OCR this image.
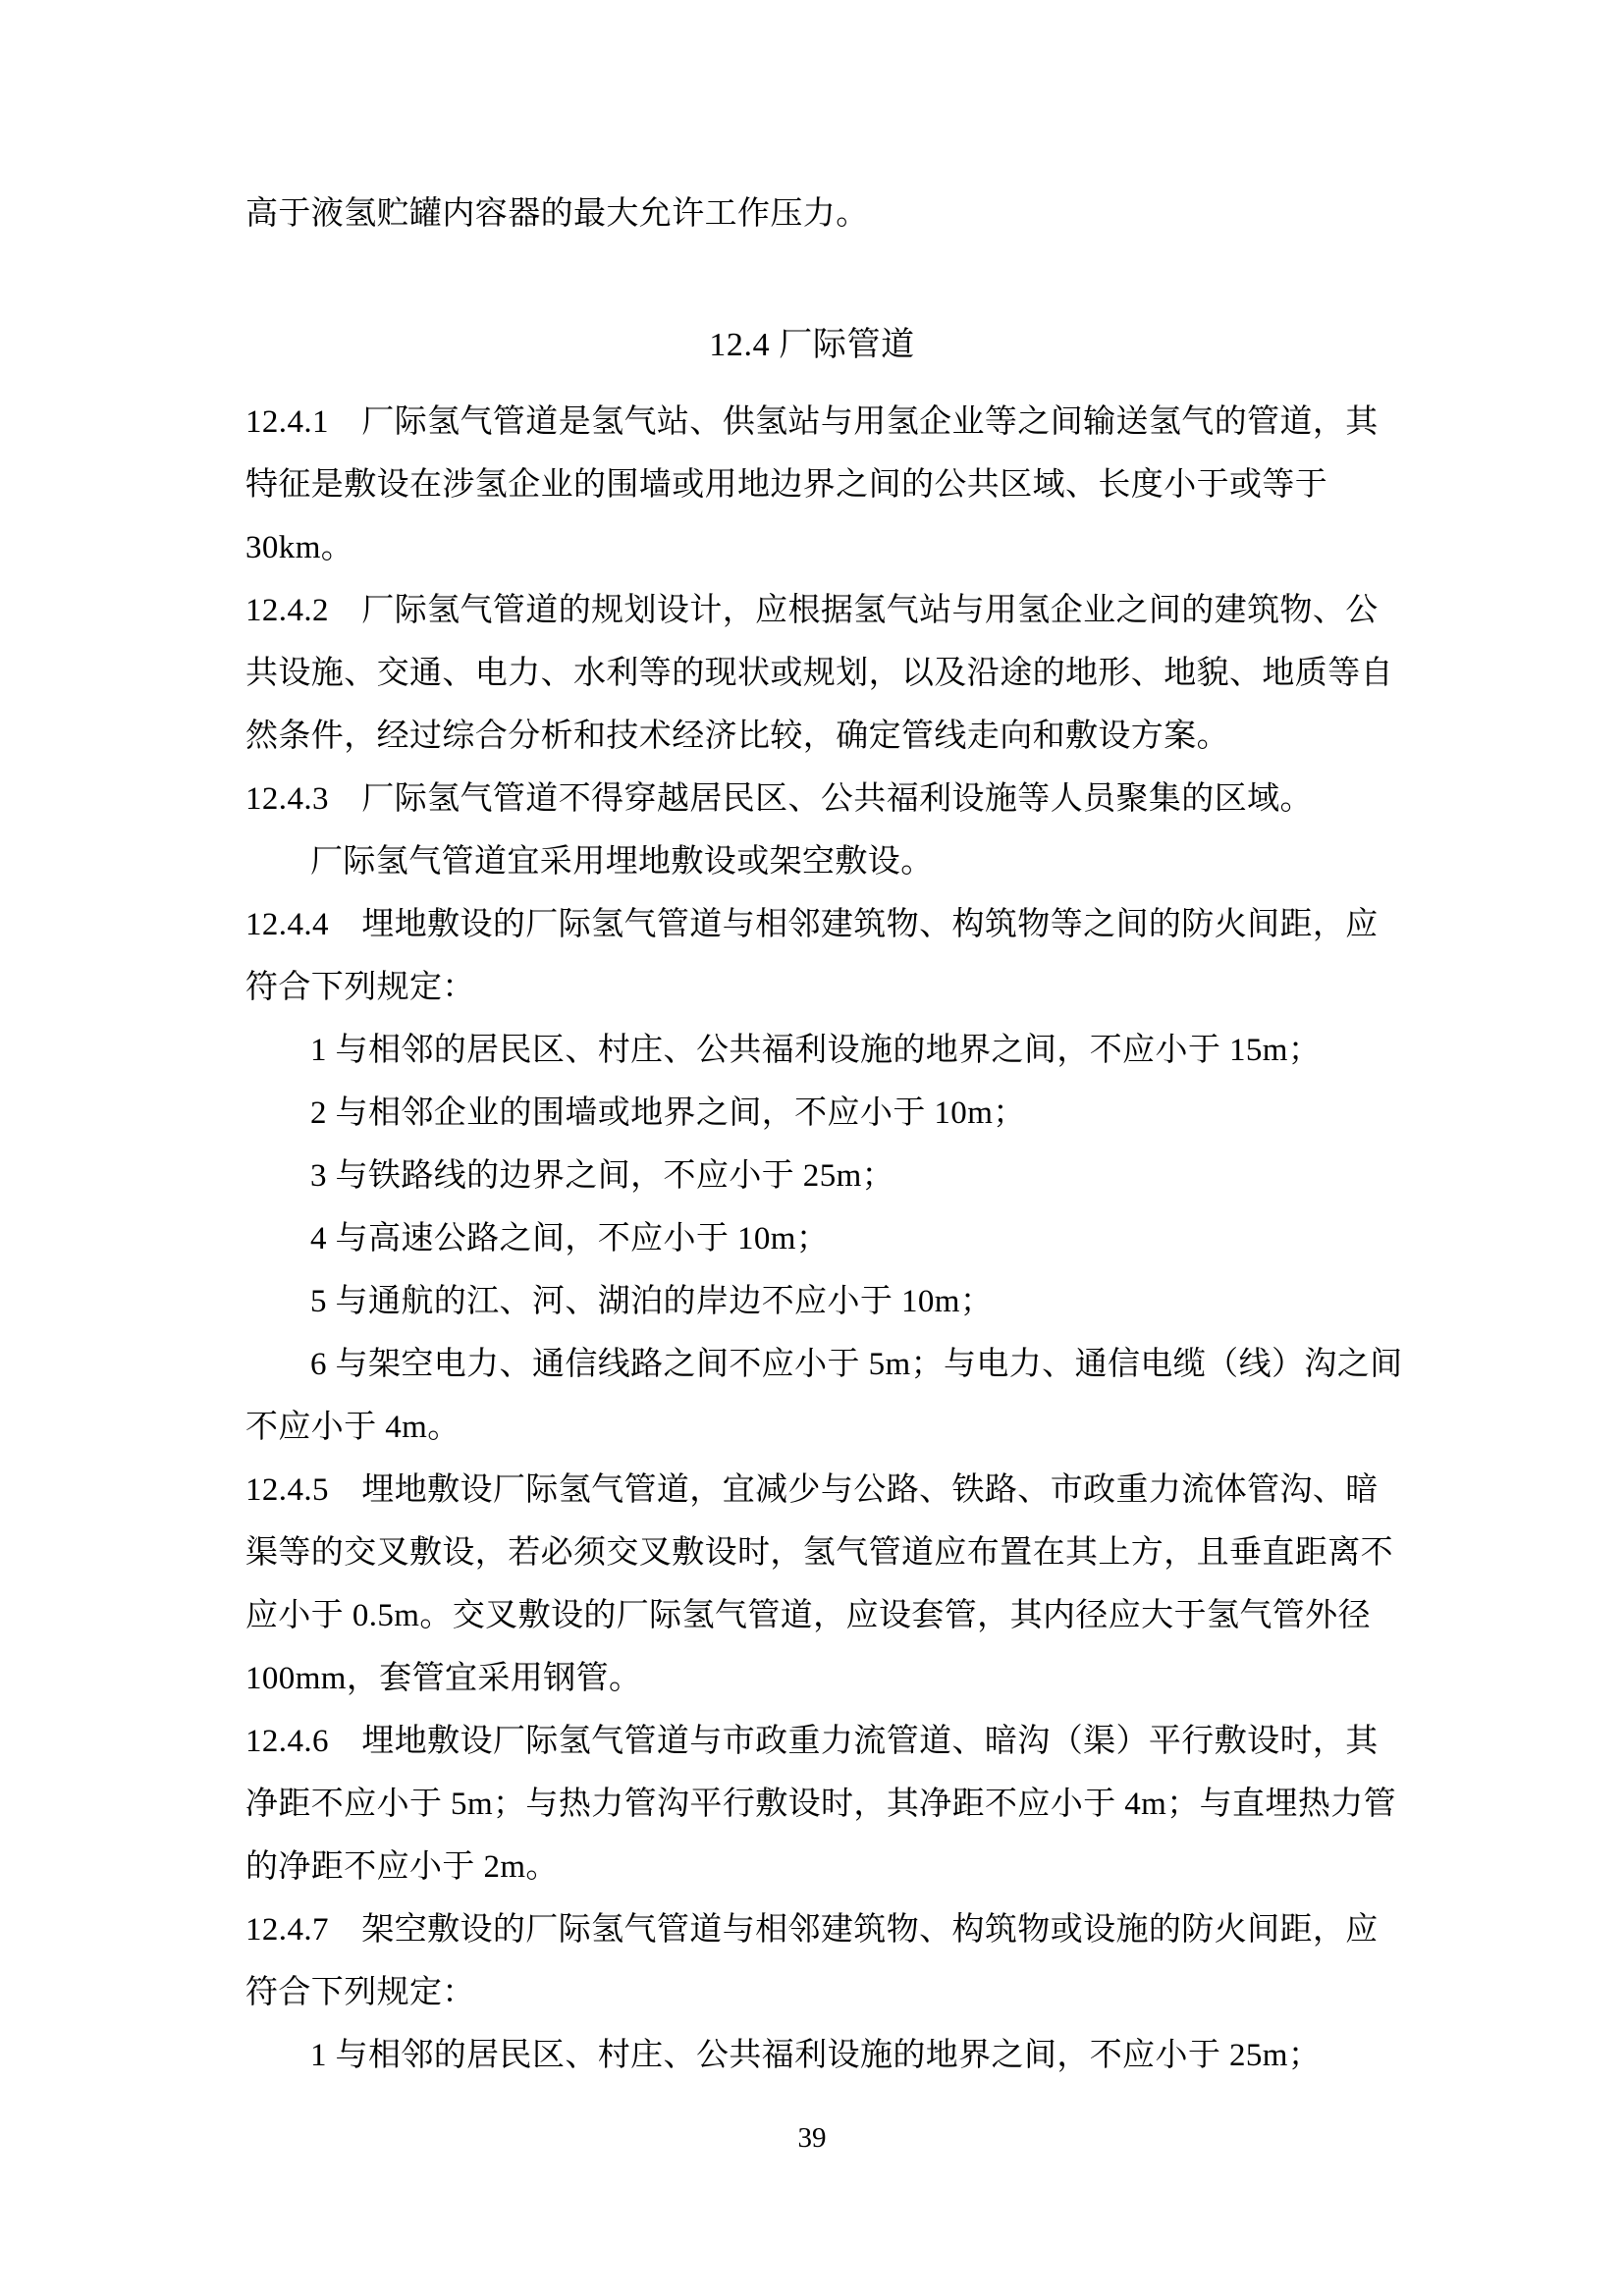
高于液氢贮罐内容器的最大允许工作压力。
12.4 厂际管道
12.4.1　厂际氢气管道是氢气站、供氢站与用氢企业等之间输送氢气的管道，其
特征是敷设在涉氢企业的围墙或用地边界之间的公共区域、长度小于或等于
30km。
12.4.2　厂际氢气管道的规划设计，应根据氢气站与用氢企业之间的建筑物、公
共设施、交通、电力、水利等的现状或规划，以及沿途的地形、地貌、地质等自
然条件，经过综合分析和技术经济比较，确定管线走向和敷设方案。
12.4.3　厂际氢气管道不得穿越居民区、公共福利设施等人员聚集的区域。
厂际氢气管道宜采用埋地敷设或架空敷设。
12.4.4　埋地敷设的厂际氢气管道与相邻建筑物、构筑物等之间的防火间距，应
符合下列规定：
1 与相邻的居民区、村庄、公共福利设施的地界之间，不应小于 15m；
2 与相邻企业的围墙或地界之间，不应小于 10m；
3 与铁路线的边界之间，不应小于 25m；
4 与高速公路之间，不应小于 10m；
5 与通航的江、河、湖泊的岸边不应小于 10m；
6 与架空电力、通信线路之间不应小于 5m；与电力、通信电缆（线）沟之间
不应小于 4m。
12.4.5　埋地敷设厂际氢气管道，宜减少与公路、铁路、市政重力流体管沟、暗
渠等的交叉敷设，若必须交叉敷设时，氢气管道应布置在其上方，且垂直距离不
应小于 0.5m。交叉敷设的厂际氢气管道，应设套管，其内径应大于氢气管外径
100mm，套管宜采用钢管。
12.4.6　埋地敷设厂际氢气管道与市政重力流管道、暗沟（渠）平行敷设时，其
净距不应小于 5m；与热力管沟平行敷设时，其净距不应小于 4m；与直埋热力管
的净距不应小于 2m。
12.4.7　架空敷设的厂际氢气管道与相邻建筑物、构筑物或设施的防火间距，应
符合下列规定：
1 与相邻的居民区、村庄、公共福利设施的地界之间，不应小于 25m；
39
